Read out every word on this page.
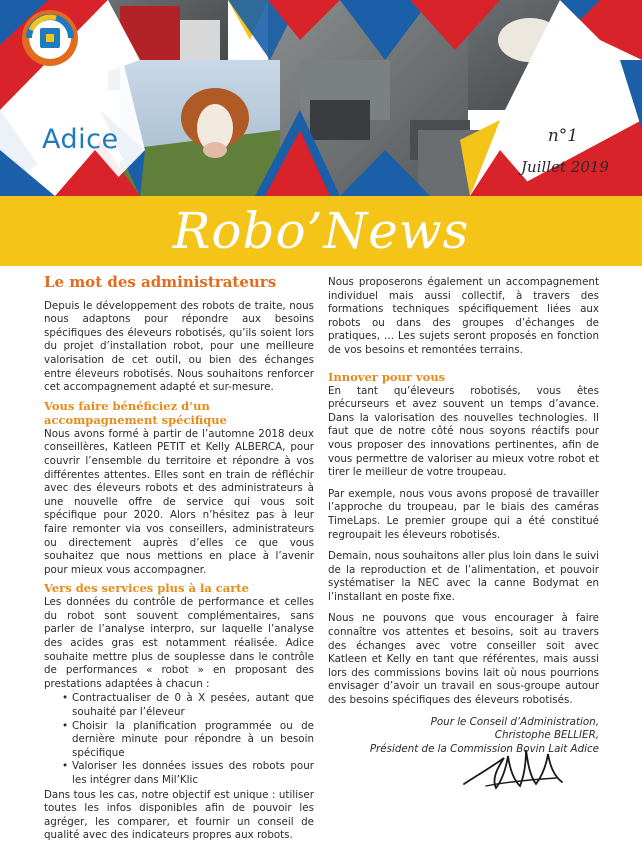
Adice	n°1
Juillet 2019
Robo’News
Le mot des administrateurs

Depuis le développement des robots de traite, nous nous adaptons pour répondre aux besoins spécifiques des éleveurs robotisés, qu’ils soient lors du projet d’installation robot, pour une meilleure valorisation de cet outil, ou bien des échanges entre éleveurs robotisés. Nous souhaitons renforcer cet accompagnement adapté et sur-mesure.

Vous faire bénéficiez d’un accompagnement spécifique

Nous avons formé à partir de l’automne 2018 deux conseillères, Katleen PETIT et Kelly ALBERCA, pour couvrir l’ensemble du territoire et répondre à vos différentes attentes. Elles sont en train de réfléchir avec des éleveurs robots et des administrateurs à une nouvelle offre de service qui vous soit spécifique pour 2020. Alors n’hésitez pas à leur faire remonter via vos conseillers, administrateurs ou directement auprès d’elles ce que vous souhaitez que nous mettions en place à l’avenir pour mieux vous accompagner.

Vers des services plus à la carte

Les données du contrôle de performance et celles du robot sont souvent complémentaires, sans parler de l’analyse interpro, sur laquelle l’analyse des acides gras est notamment réalisée. Adice souhaite mettre plus de souplesse dans le contrôle de performances « robot » en proposant des prestations adaptées à chacun :

• Contractualiser de 0 à X pesées, autant que souhaité par l’éleveur
• Choisir la planification programmée ou de dernière minute pour répondre à un besoin spécifique
• Valoriser les données issues des robots pour les intégrer dans Mil’Klic

Dans tous les cas, notre objectif est unique : utiliser toutes les infos disponibles afin de pouvoir les agréger, les comparer, et fournir un conseil de qualité avec des indicateurs propres aux robots.

Nous proposerons également un accompagnement individuel mais aussi collectif, à travers des formations techniques spécifiquement liées aux robots ou dans des groupes d’échanges de pratiques, … Les sujets seront proposés en fonction de vos besoins et remontées terrains.

Innover pour vous

En tant qu’éleveurs robotisés, vous êtes précurseurs et avez souvent un temps d’avance. Dans la valorisation des nouvelles technologies. Il faut que de notre côté nous soyons réactifs pour vous proposer des innovations pertinentes, afin de vous permettre de valoriser au mieux votre robot et tirer le meilleur de votre troupeau.

Par exemple, nous vous avons proposé de travailler l’approche du troupeau, par le biais des caméras TimeLaps. Le premier groupe qui a été constitué regroupait les éleveurs robotisés.

Demain, nous souhaitons aller plus loin dans le suivi de la reproduction et de l’alimentation, et pouvoir systématiser la NEC avec la canne Bodymat en l’installant en poste fixe.

Nous ne pouvons que vous encourager à faire connaître vos attentes et besoins, soit au travers des échanges avec votre conseiller soit avec Katleen et Kelly en tant que référentes, mais aussi lors des commissions bovins lait où nous pourrions envisager d’avoir un travail en sous-groupe autour des besoins spécifiques des éleveurs robotisés.

Pour le Conseil d’Administration,
Christophe BELLIER,
Président de la Commission Bovin Lait Adice
